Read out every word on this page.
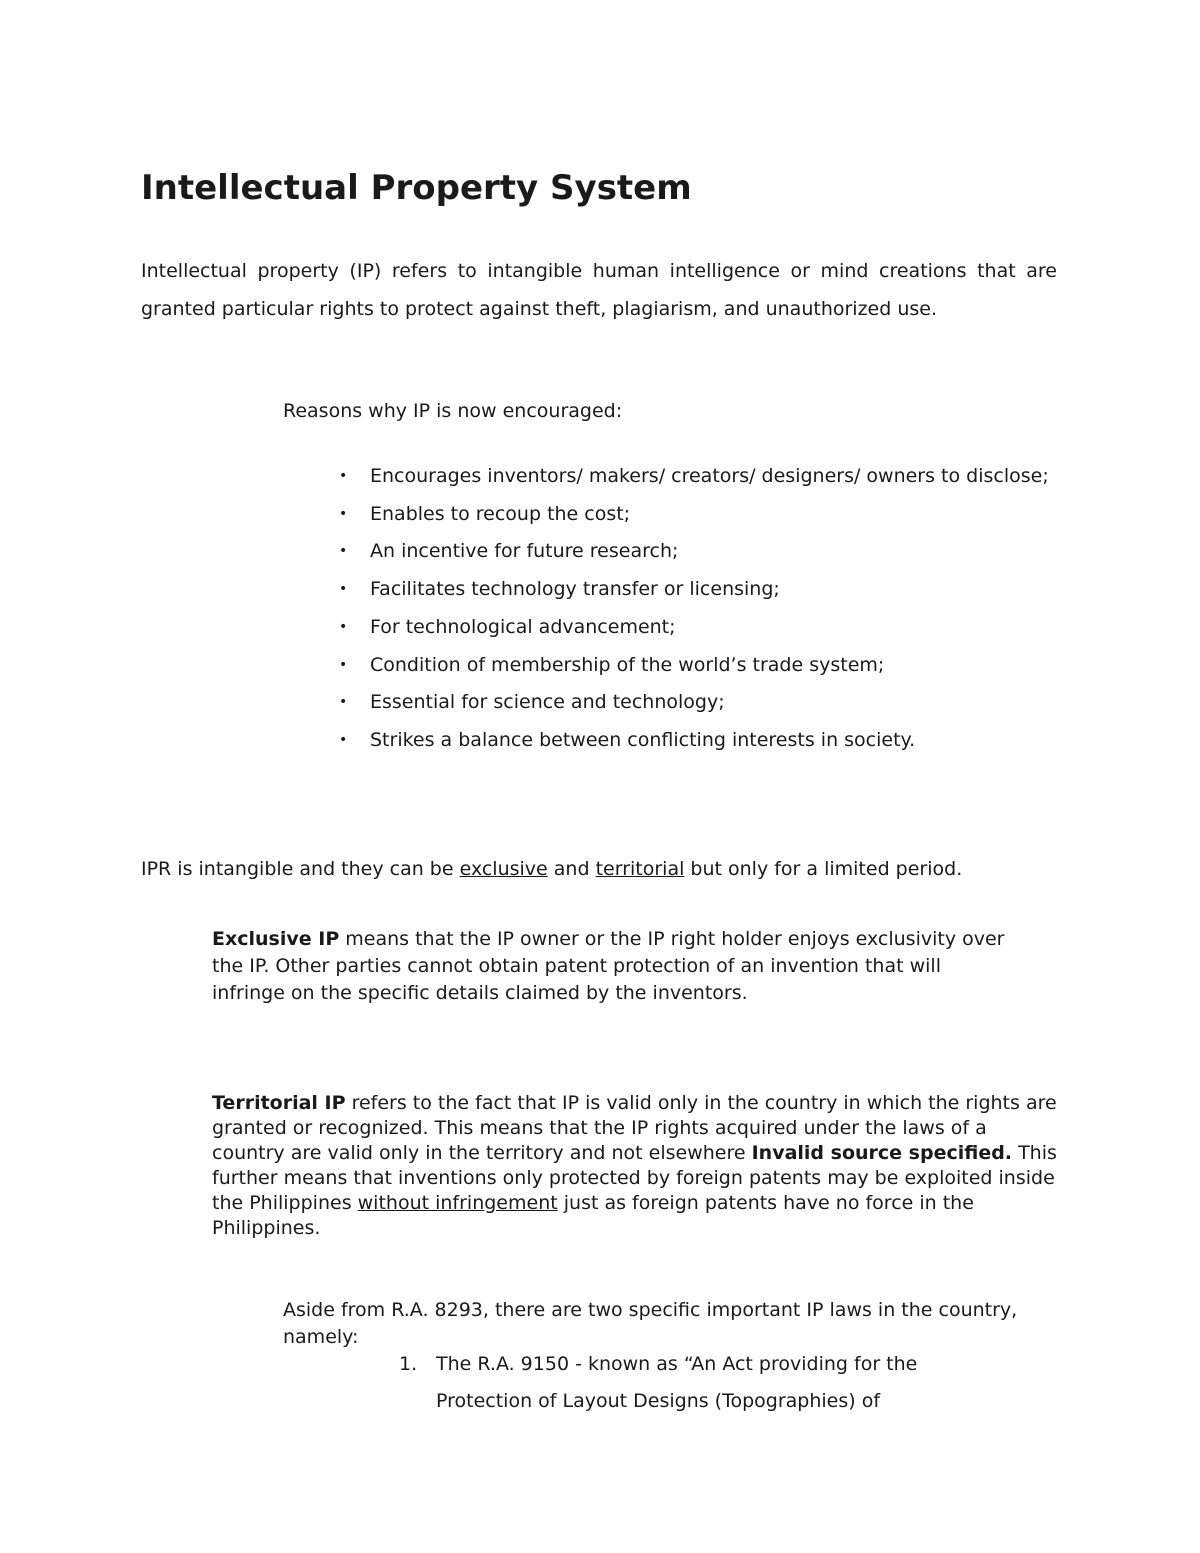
Intellectual Property System

Intellectual property (IP) refers to intangible human intelligence or mind creations that are granted particular rights to protect against theft, plagiarism, and unauthorized use.

Reasons why IP is now encouraged:

• Encourages inventors/ makers/ creators/ designers/ owners to disclose;
• Enables to recoup the cost;
• An incentive for future research;
• Facilitates technology transfer or licensing;
• For technological advancement;
• Condition of membership of the world’s trade system;
• Essential for science and technology;
• Strikes a balance between conflicting interests in society.

IPR is intangible and they can be exclusive and territorial but only for a limited period.

Exclusive IP means that the IP owner or the IP right holder enjoys exclusivity over the IP. Other parties cannot obtain patent protection of an invention that will infringe on the specific details claimed by the inventors.

Territorial IP refers to the fact that IP is valid only in the country in which the rights are granted or recognized. This means that the IP rights acquired under the laws of a country are valid only in the territory and not elsewhere Invalid source specified. This further means that inventions only protected by foreign patents may be exploited inside the Philippines without infringement just as foreign patents have no force in the Philippines.

Aside from R.A. 8293, there are two specific important IP laws in the country, namely:

1. The R.A. 9150 - known as “An Act providing for the Protection of Layout Designs (Topographies) of
